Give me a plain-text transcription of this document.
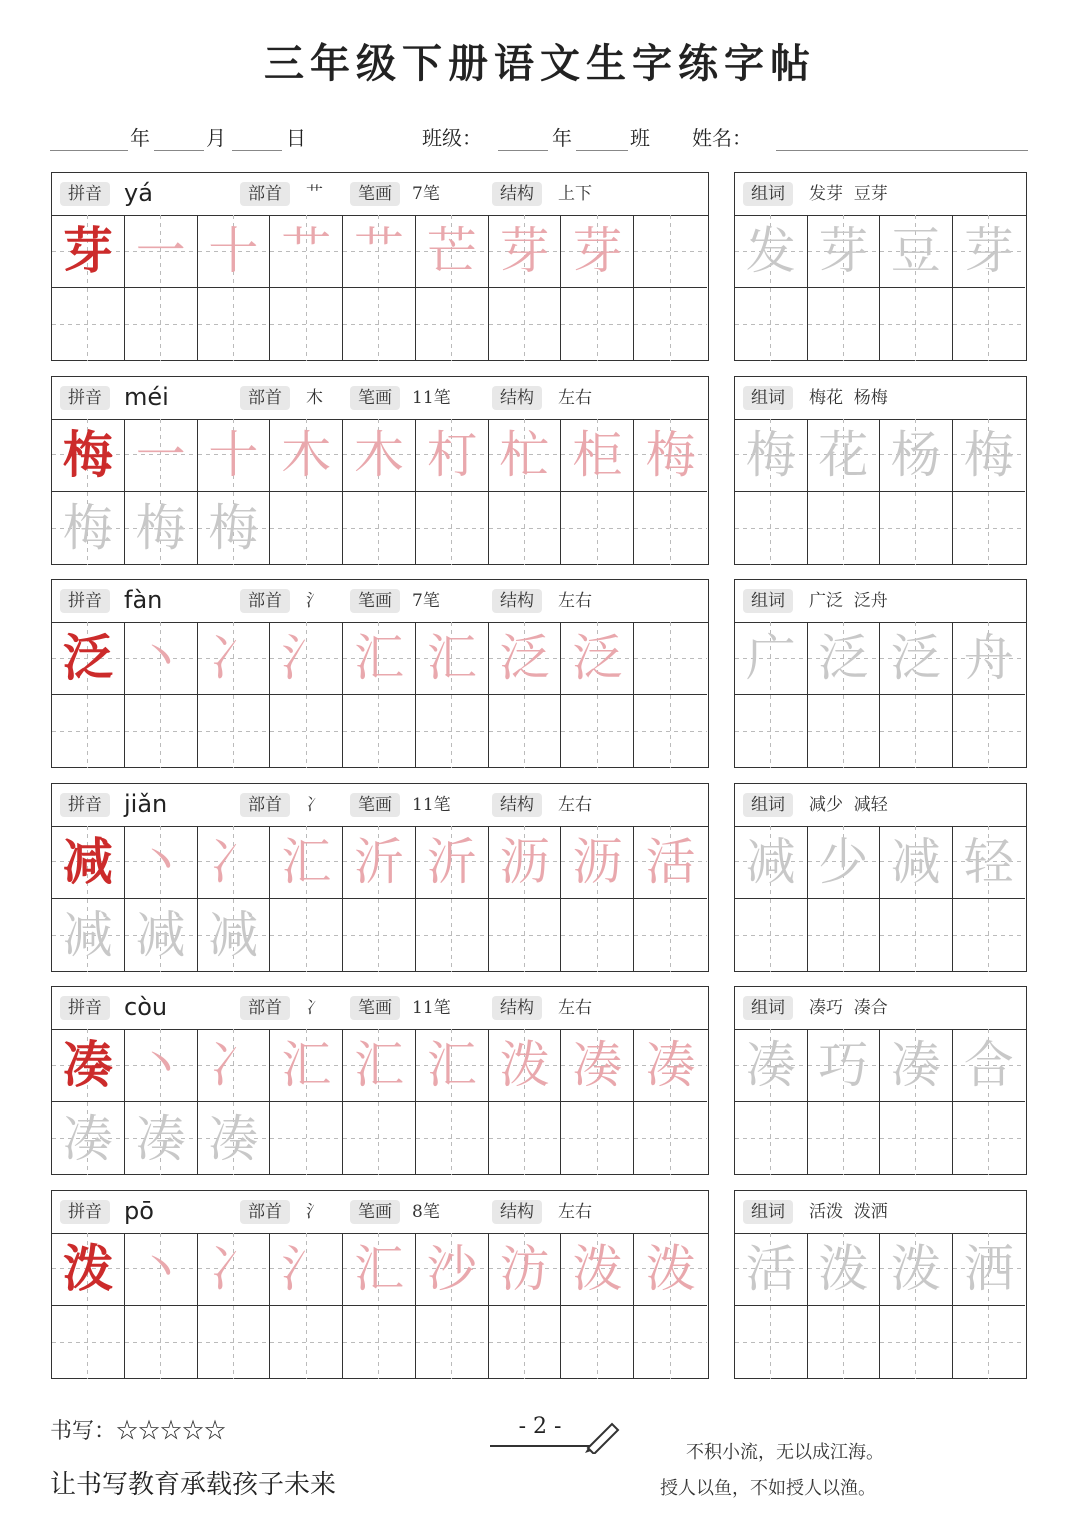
三年级下册语文生字练字帖
年	月	日	班级：	年	班 姓名：
拼音 yá	部首	艹	笔画	7笔	结构	上下
芽 一 十 艹 艹 芒 芽 芽
组词	发芽  豆芽
发 芽 豆 芽
拼音 méi	部首	木	笔画	11笔	结构	左右
梅 一 十 木 木 朾 杧 柜 梅
梅 梅 梅
组词	梅花  杨梅
梅 花 杨 梅
拼音 fàn	部首	氵	笔画	7笔	结构	左右
泛 丶 冫 氵 汇 汇 泛 泛
组词	广泛  泛舟
广 泛 泛 舟
拼音 jiǎn	部首	冫	笔画	11笔	结构	左右
减 丶 冫 汇 沂 沂 沥 沥 活
减 减 减
组词	减少  减轻
减 少 减 轻
拼音 còu	部首	冫	笔画	11笔	结构	左右
凑 丶 冫 汇 汇 汇 泼 凑 凑
凑 凑 凑
组词	凑巧  凑合
凑 巧 凑 合
拼音 pō	部首	氵	笔画	8笔	结构	左右
泼 丶 冫 氵 汇 沙 汸 泼 泼
组词	活泼  泼洒
活 泼 泼 洒
书写：☆☆☆☆☆
让书写教育承载孩子未来
- 2 -
不积小流，无以成江海。
授人以鱼，不如授人以渔。
